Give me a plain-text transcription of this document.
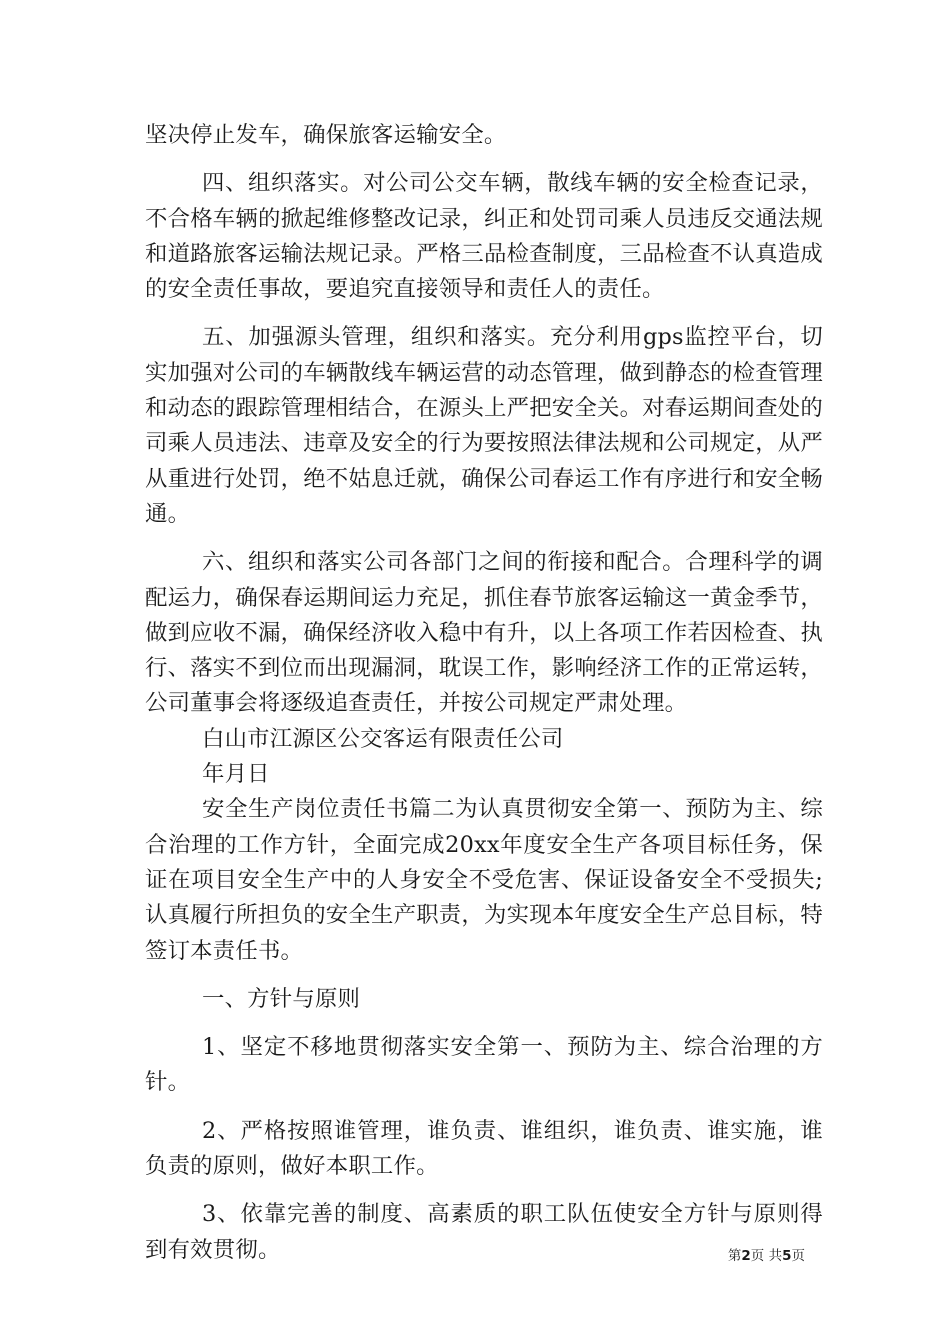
坚决停止发车，确保旅客运输安全。

四、组织落实。对公司公交车辆，散线车辆的安全检查记录，不合格车辆的掀起维修整改记录，纠正和处罚司乘人员违反交通法规和道路旅客运输法规记录。严格三品检查制度，三品检查不认真造成的安全责任事故，要追究直接领导和责任人的责任。

五、加强源头管理，组织和落实。充分利用gps监控平台，切实加强对公司的车辆散线车辆运营的动态管理，做到静态的检查管理和动态的跟踪管理相结合，在源头上严把安全关。对春运期间查处的司乘人员违法、违章及安全的行为要按照法律法规和公司规定，从严从重进行处罚，绝不姑息迁就，确保公司春运工作有序进行和安全畅通。

六、组织和落实公司各部门之间的衔接和配合。合理科学的调配运力，确保春运期间运力充足，抓住春节旅客运输这一黄金季节，做到应收不漏，确保经济收入稳中有升，以上各项工作若因检查、执行、落实不到位而出现漏洞，耽误工作，影响经济工作的正常运转，公司董事会将逐级追查责任，并按公司规定严肃处理。

白山市江源区公交客运有限责任公司

年月日

安全生产岗位责任书篇二为认真贯彻安全第一、预防为主、综合治理的工作方针，全面完成20xx年度安全生产各项目标任务，保证在项目安全生产中的人身安全不受危害、保证设备安全不受损失;认真履行所担负的安全生产职责，为实现本年度安全生产总目标，特签订本责任书。

一、方针与原则

1、坚定不移地贯彻落实安全第一、预防为主、综合治理的方针。

2、严格按照谁管理，谁负责、谁组织，谁负责、谁实施，谁负责的原则，做好本职工作。

3、依靠完善的制度、高素质的职工队伍使安全方针与原则得到有效贯彻。	第2页 共5页
